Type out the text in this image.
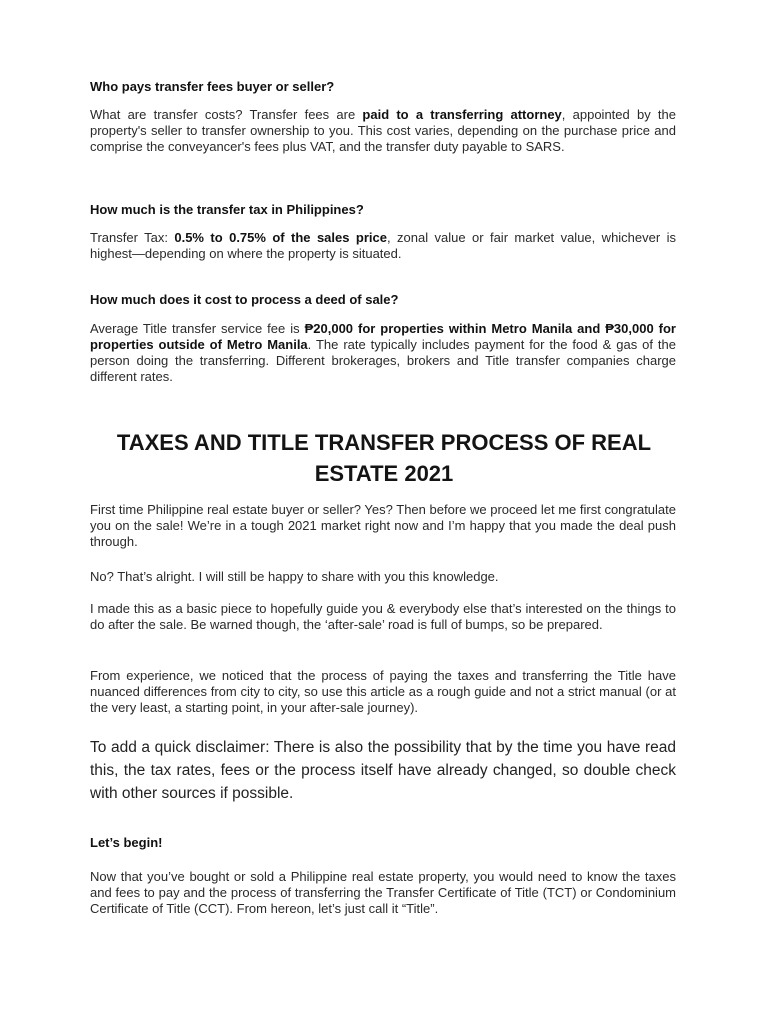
Who pays transfer fees buyer or seller?

What are transfer costs? Transfer fees are paid to a transferring attorney, appointed by the property's seller to transfer ownership to you. This cost varies, depending on the purchase price and comprise the conveyancer's fees plus VAT, and the transfer duty payable to SARS.

How much is the transfer tax in Philippines?

Transfer Tax: 0.5% to 0.75% of the sales price, zonal value or fair market value, whichever is highest—depending on where the property is situated.

How much does it cost to process a deed of sale?

Average Title transfer service fee is ₱20,000 for properties within Metro Manila and ₱30,000 for properties outside of Metro Manila. The rate typically includes payment for the food & gas of the person doing the transferring. Different brokerages, brokers and Title transfer companies charge different rates.

TAXES AND TITLE TRANSFER PROCESS OF REAL ESTATE 2021

First time Philippine real estate buyer or seller? Yes? Then before we proceed let me first congratulate you on the sale! We’re in a tough 2021 market right now and I’m happy that you made the deal push through.

No? That’s alright. I will still be happy to share with you this knowledge.

I made this as a basic piece to hopefully guide you & everybody else that’s interested on the things to do after the sale. Be warned though, the ‘after-sale’ road is full of bumps, so be prepared.

From experience, we noticed that the process of paying the taxes and transferring the Title have nuanced differences from city to city, so use this article as a rough guide and not a strict manual (or at the very least, a starting point, in your after-sale journey).

To add a quick disclaimer: There is also the possibility that by the time you have read this, the tax rates, fees or the process itself have already changed, so double check with other sources if possible.

Let’s begin!

Now that you’ve bought or sold a Philippine real estate property, you would need to know the taxes and fees to pay and the process of transferring the Transfer Certificate of Title (TCT) or Condominium Certificate of Title (CCT). From hereon, let’s just call it “Title”.
